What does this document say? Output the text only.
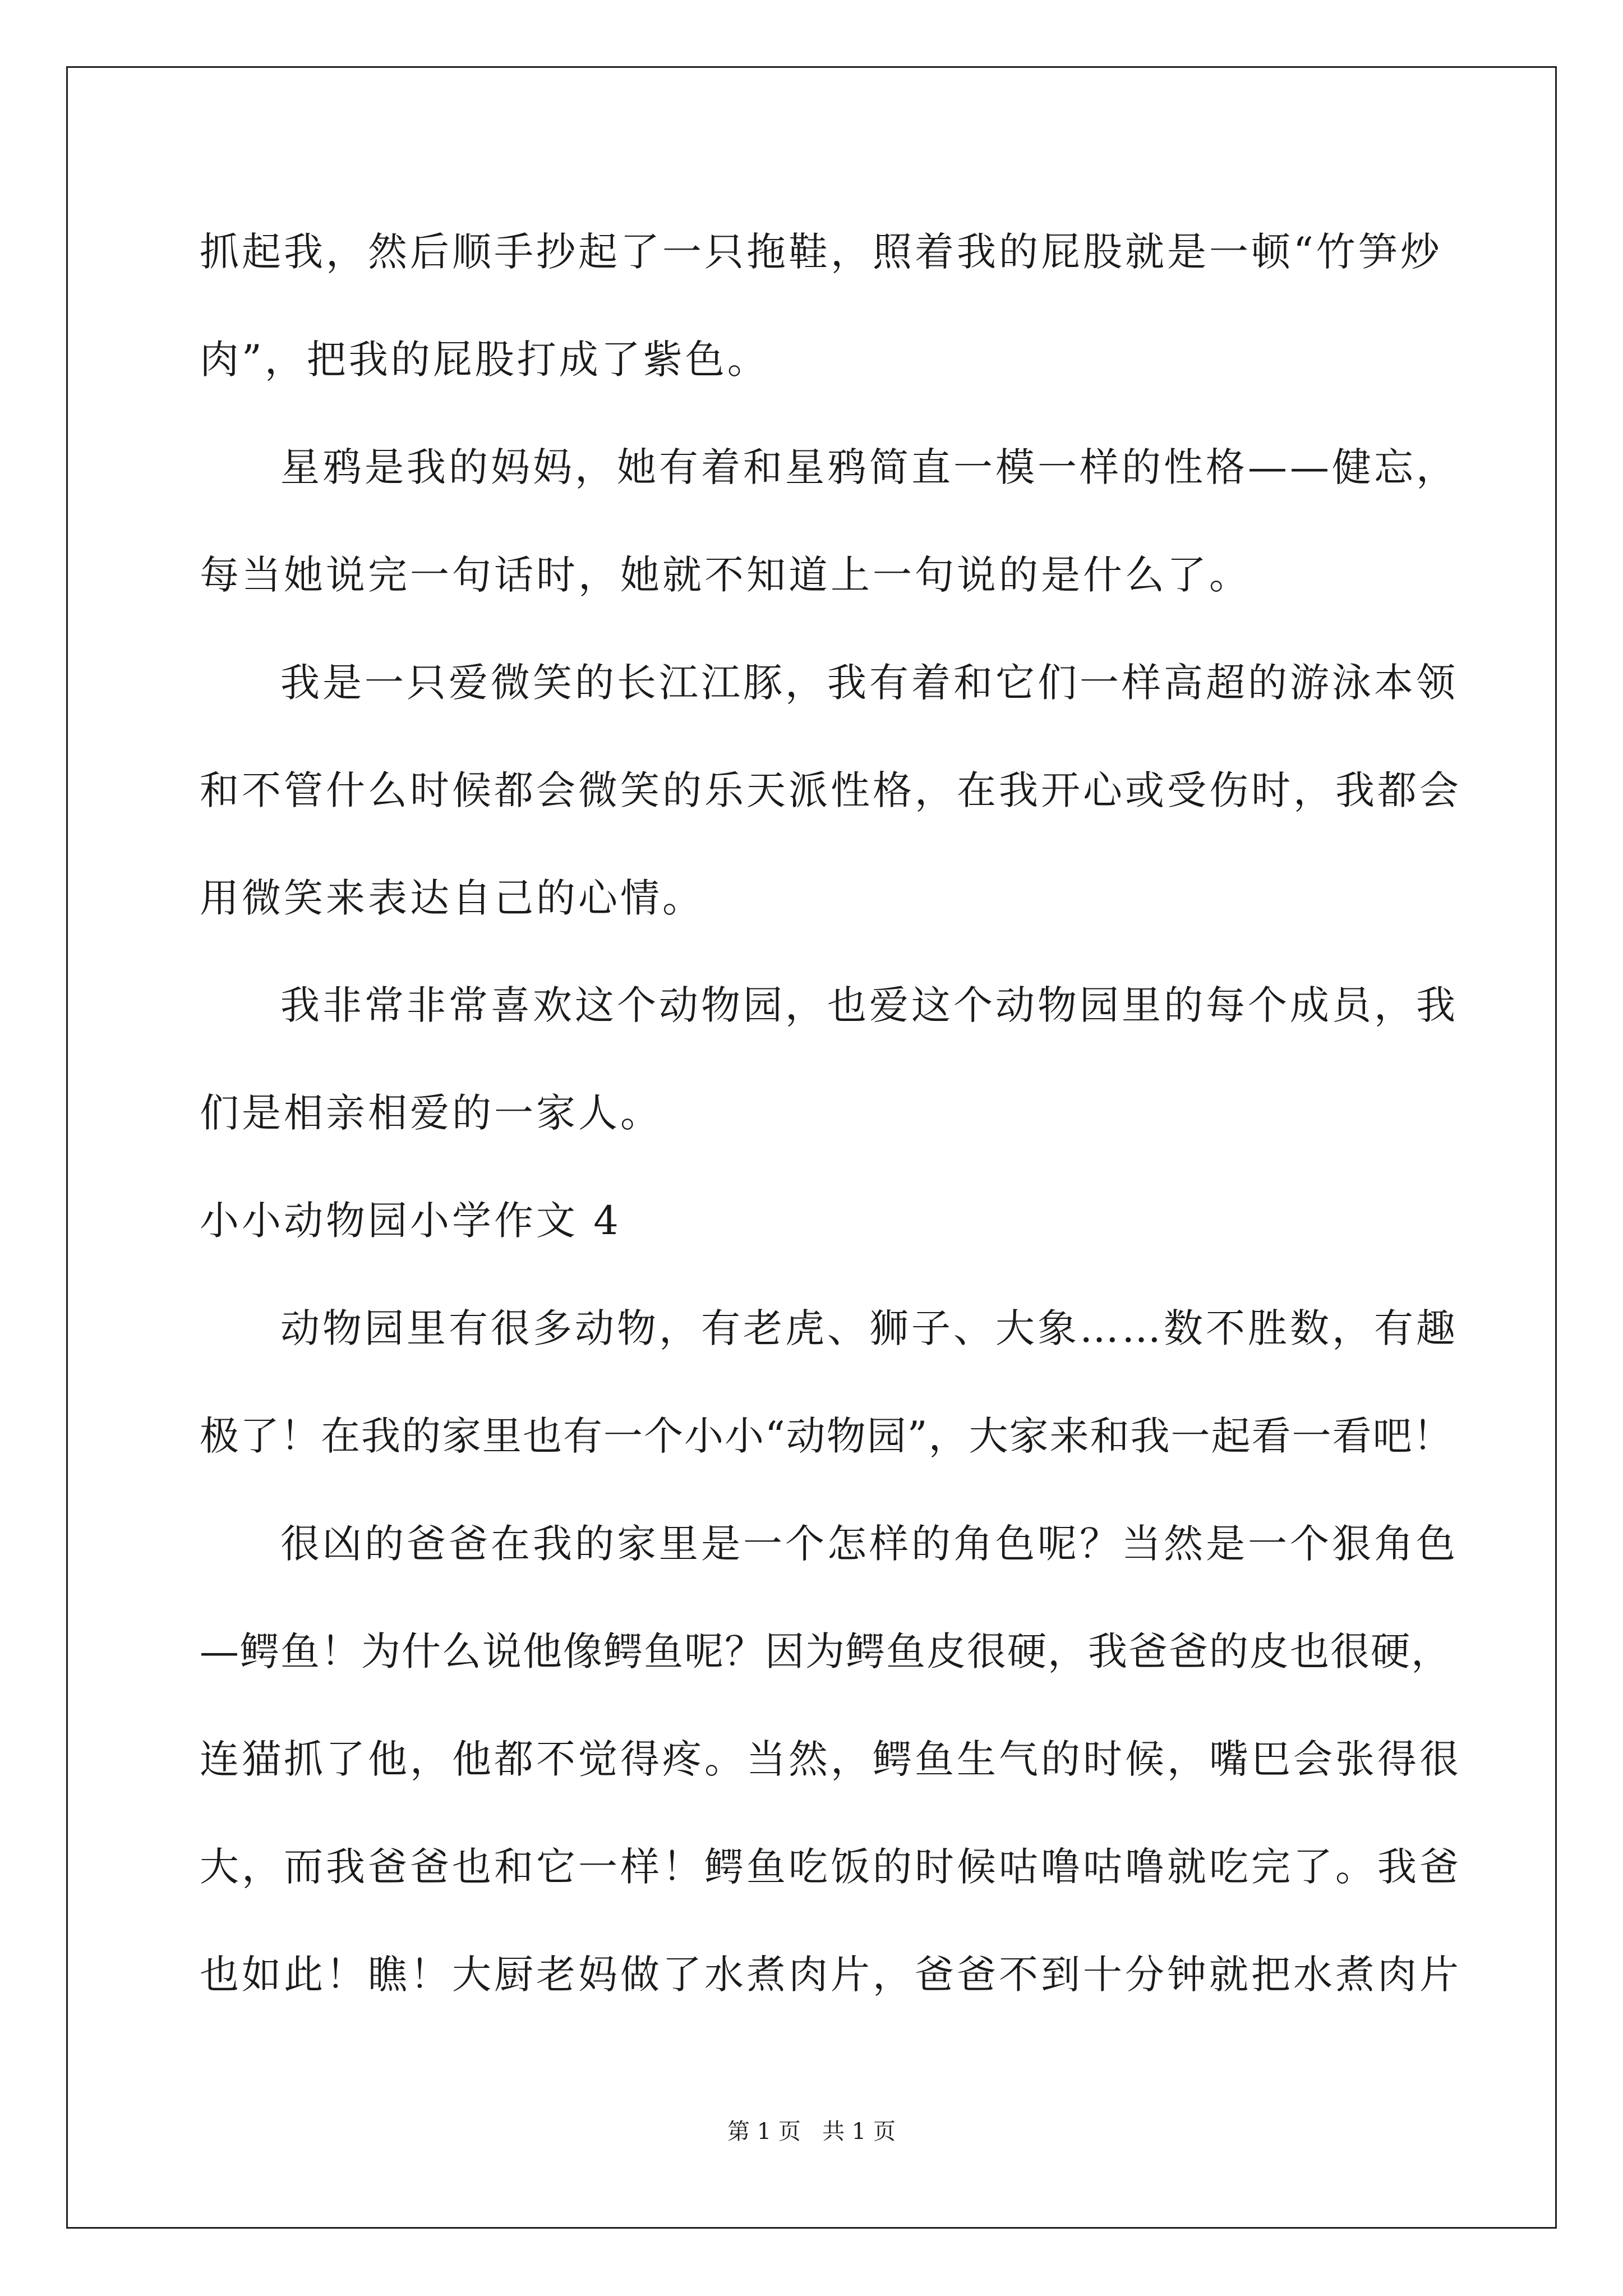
抓起我，然后顺手抄起了一只拖鞋，照着我的屁股就是一顿“竹笋炒
肉”，把我的屁股打成了紫色。
星鸦是我的妈妈，她有着和星鸦简直一模一样的性格——健忘，
每当她说完一句话时，她就不知道上一句说的是什么了。
我是一只爱微笑的长江江豚，我有着和它们一样高超的游泳本领
和不管什么时候都会微笑的乐天派性格，在我开心或受伤时，我都会
用微笑来表达自己的心情。
我非常非常喜欢这个动物园，也爱这个动物园里的每个成员，我
们是相亲相爱的一家人。
小小动物园小学作文 4
动物园里有很多动物，有老虎、狮子、大象……数不胜数，有趣
极了！在我的家里也有一个小小“动物园”，大家来和我一起看一看吧！
很凶的爸爸在我的家里是一个怎样的角色呢？当然是一个狠角色
—鳄鱼！为什么说他像鳄鱼呢？因为鳄鱼皮很硬，我爸爸的皮也很硬，
连猫抓了他，他都不觉得疼。当然，鳄鱼生气的时候，嘴巴会张得很
大，而我爸爸也和它一样！鳄鱼吃饭的时候咕噜咕噜就吃完了。我爸
也如此！瞧！大厨老妈做了水煮肉片，爸爸不到十分钟就把水煮肉片
第 1 页   共 1 页
